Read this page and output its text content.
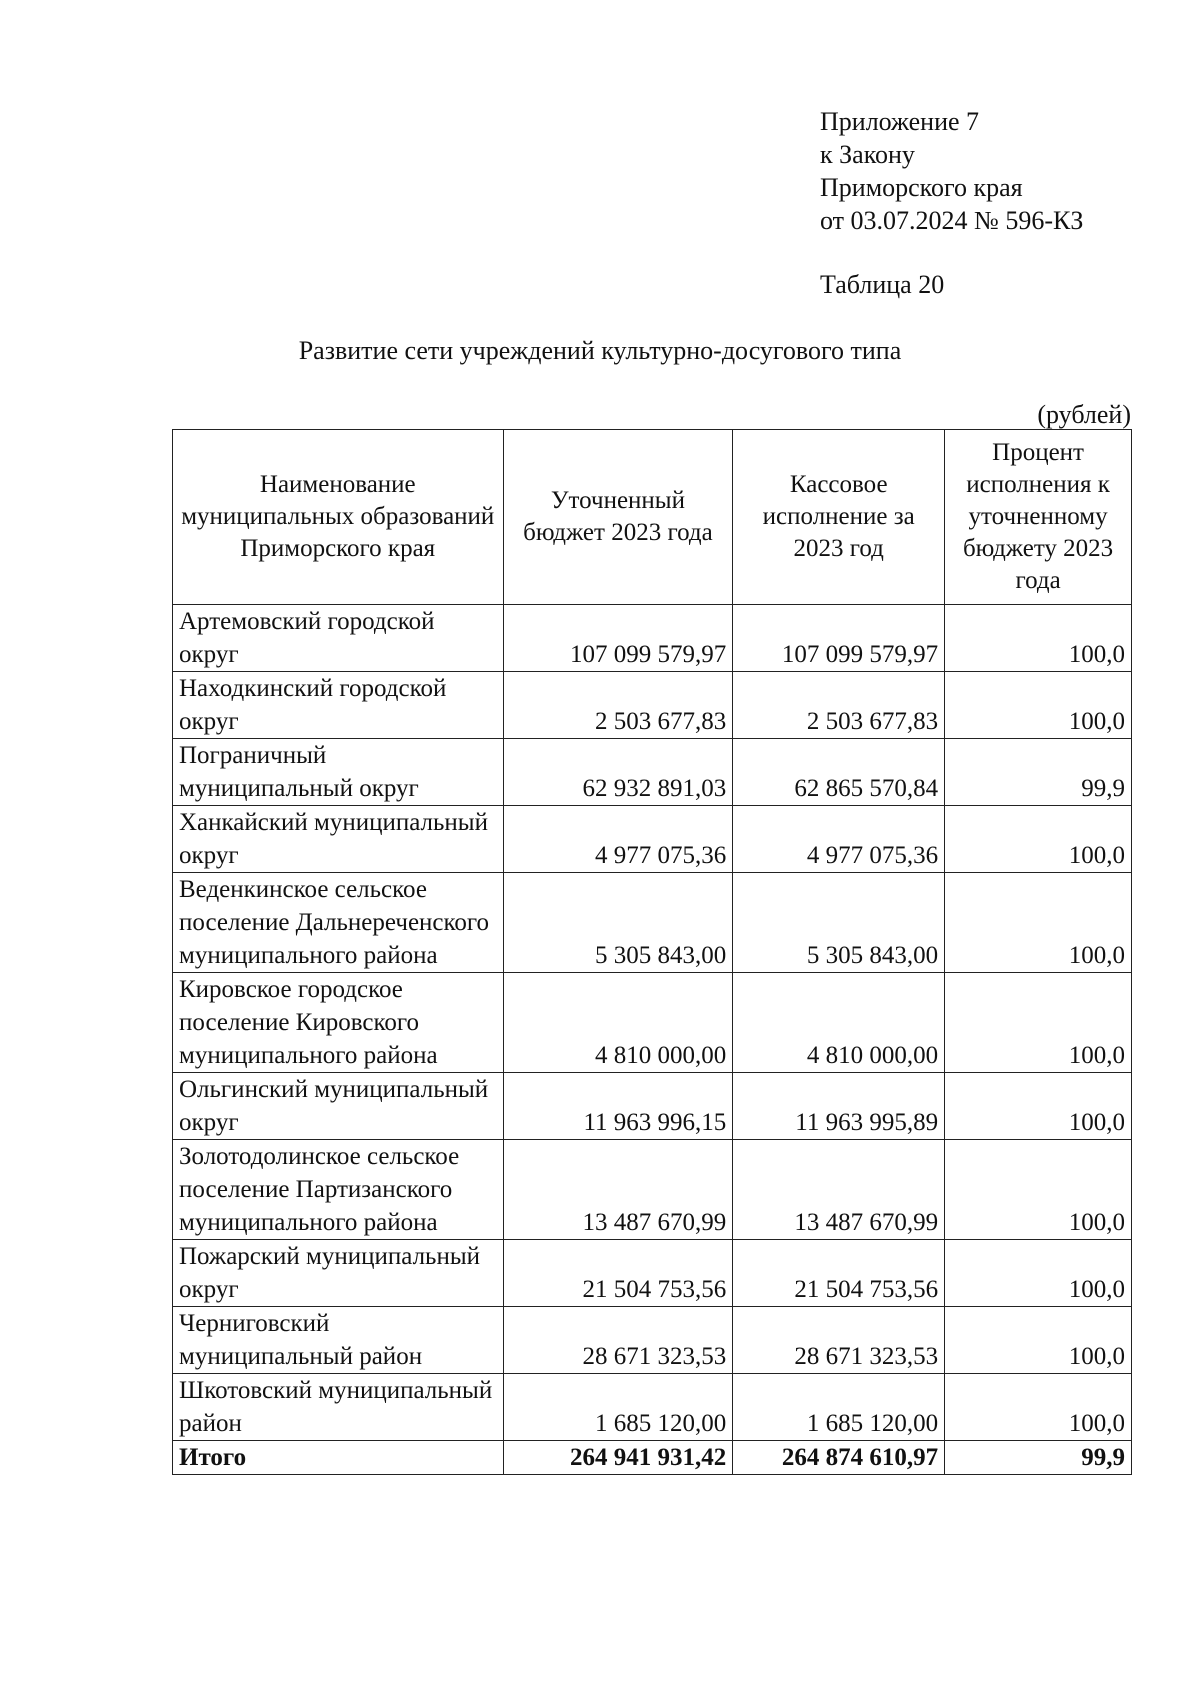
Приложение 7
к Закону
Приморского края
от 03.07.2024 № 596-КЗ
Таблица 20
Развитие сети учреждений культурно-досугового типа
(рублей)
Наименование муниципальных образований Приморского края	Уточненный бюджет 2023 года	Кассовое исполнение за 2023 год	Процент исполнения к уточненному бюджету 2023 года
Артемовский городской округ	107 099 579,97	107 099 579,97	100,0
Находкинский городской округ	2 503 677,83	2 503 677,83	100,0
Пограничный муниципальный округ	62 932 891,03	62 865 570,84	99,9
Ханкайский муниципальный округ	4 977 075,36	4 977 075,36	100,0
Веденкинское сельское поселение Дальнереченского муниципального района	5 305 843,00	5 305 843,00	100,0
Кировское городское поселение Кировского муниципального района	4 810 000,00	4 810 000,00	100,0
Ольгинский муниципальный округ	11 963 996,15	11 963 995,89	100,0
Золотодолинское сельское поселение Партизанского муниципального района	13 487 670,99	13 487 670,99	100,0
Пожарский муниципальный округ	21 504 753,56	21 504 753,56	100,0
Черниговский муниципальный район	28 671 323,53	28 671 323,53	100,0
Шкотовский муниципальный район	1 685 120,00	1 685 120,00	100,0
Итого	264 941 931,42	264 874 610,97	99,9
